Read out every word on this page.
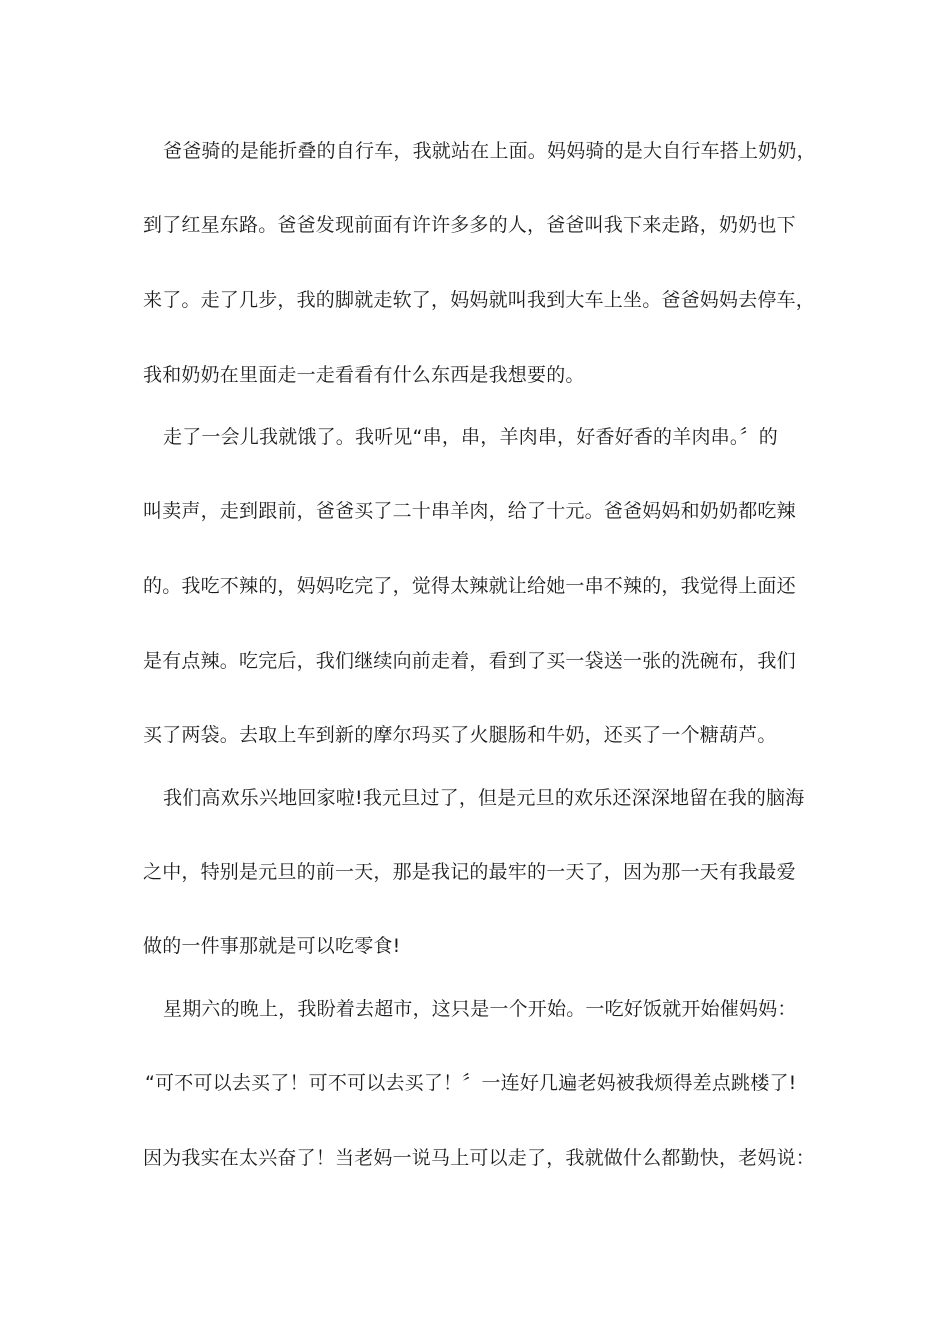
爸爸骑的是能折叠的自行车，我就站在上面。妈妈骑的是大自行车搭上奶奶，
到了红星东路。爸爸发现前面有许许多多的人，爸爸叫我下来走路，奶奶也下
来了。走了几步，我的脚就走软了，妈妈就叫我到大车上坐。爸爸妈妈去停车，
我和奶奶在里面走一走看看有什么东西是我想要的。
走了一会儿我就饿了。我听见“串，串，羊肉串，好香好香的羊肉串。〞的
叫卖声，走到跟前，爸爸买了二十串羊肉，给了十元。爸爸妈妈和奶奶都吃辣
的。我吃不辣的，妈妈吃完了，觉得太辣就让给她一串不辣的，我觉得上面还
是有点辣。吃完后，我们继续向前走着，看到了买一袋送一张的洗碗布，我们
买了两袋。去取上车到新的摩尔玛买了火腿肠和牛奶，还买了一个糖葫芦。
我们高欢乐兴地回家啦!我元旦过了，但是元旦的欢乐还深深地留在我的脑海
之中，特别是元旦的前一天，那是我记的最牢的一天了，因为那一天有我最爱
做的一件事那就是可以吃零食!
星期六的晚上，我盼着去超市，这只是一个开始。一吃好饭就开始催妈妈：
“可不可以去买了！可不可以去买了！〞一连好几遍老妈被我烦得差点跳楼了!
因为我实在太兴奋了！当老妈一说马上可以走了，我就做什么都勤快，老妈说：
